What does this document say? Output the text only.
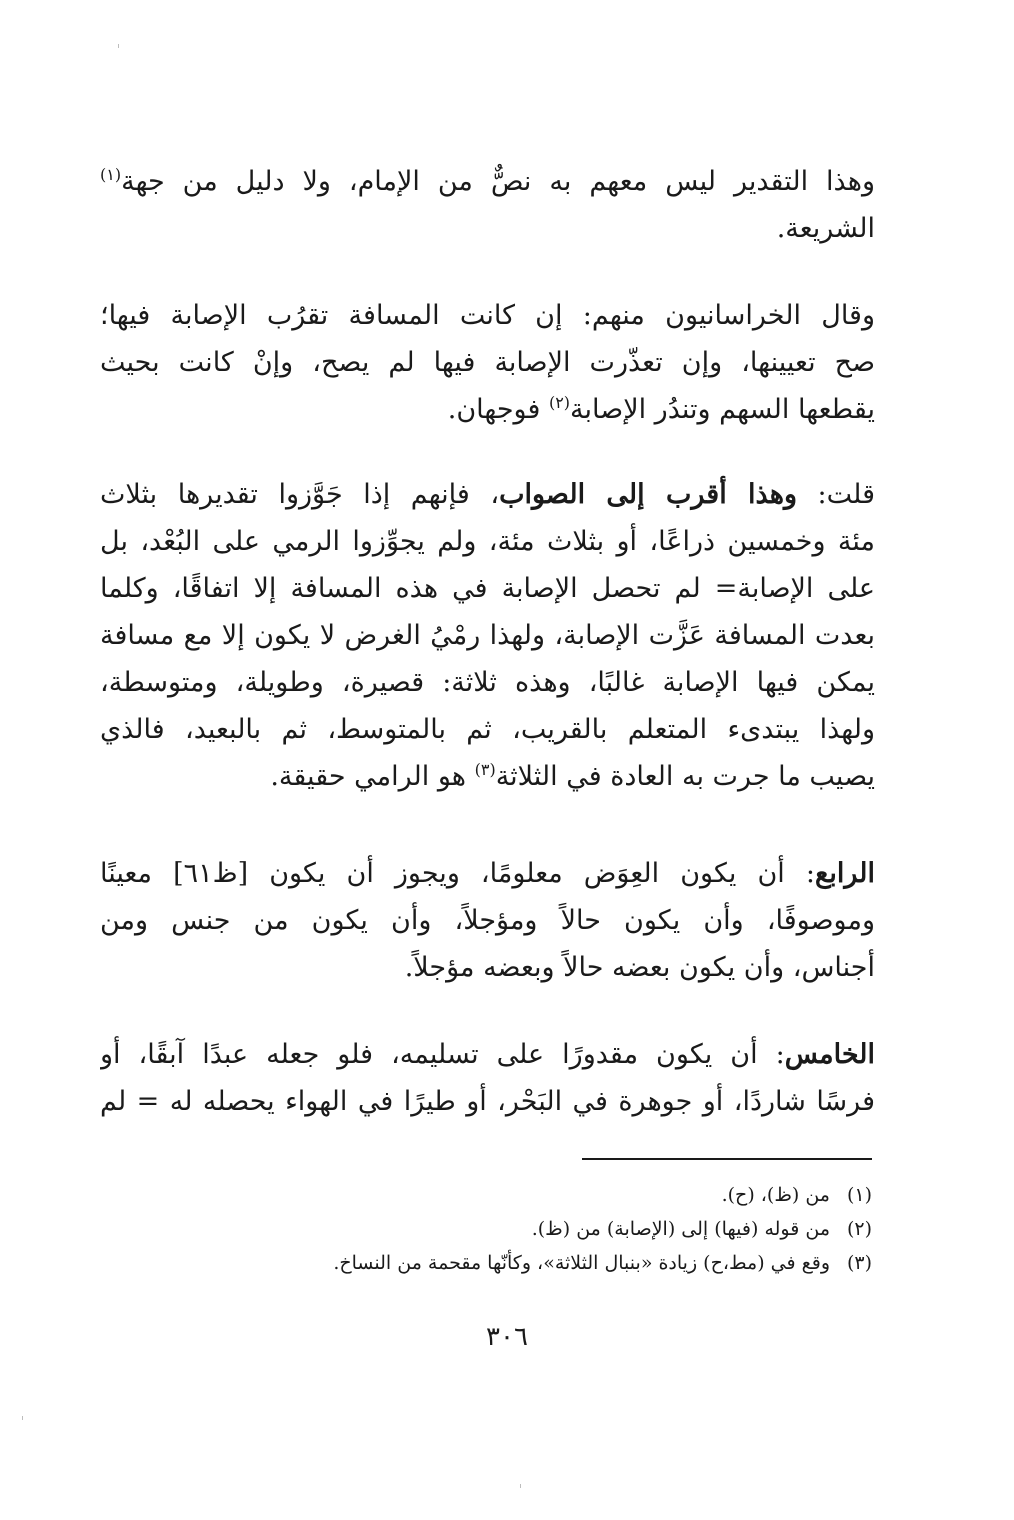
وهذا التقدير ليس معهم به نصٌّ من الإمام، ولا دليل من جهة$^{(١)}$
الشريعة.
وقال الخراسانيون منهم: إن كانت المسافة تقرُب الإصابة فيها؛
صح تعيينها، وإن تعذّرت الإصابة فيها لم يصح، وإنْ كانت بحيث
يقطعها السهم وتندُر الإصابة$^{(٢)}$ فوجهان.
قلت: وهذا أقرب إلى الصواب، فإنهم إذا جَوَّزوا تقديرها بثلاث
مئة وخمسين ذراعًا، أو بثلاث مئة، ولم يجوِّزوا الرمي على البُعْد، بل
على الإصابة= لم تحصل الإصابة في هذه المسافة إلا اتفاقًا، وكلما
بعدت المسافة عَزَّت الإصابة، ولهذا رمْيُ الغرض لا يكون إلا مع مسافة
يمكن فيها الإصابة غالبًا، وهذه ثلاثة: قصيرة، وطويلة، ومتوسطة،
ولهذا يبتدىء المتعلم بالقريب، ثم بالمتوسط، ثم بالبعيد، فالذي
يصيب ما جرت به العادة في الثلاثة$^{(٣)}$ هو الرامي حقيقة.
الرابع: أن يكون العِوَض معلومًا، ويجوز أن يكون [ظ٦١] معينًا
وموصوفًا، وأن يكون حالاً ومؤجلاً، وأن يكون من جنس ومن
أجناس، وأن يكون بعضه حالاً وبعضه مؤجلاً.
الخامس: أن يكون مقدورًا على تسليمه، فلو جعله عبدًا آبقًا، أو
فرسًا شاردًا، أو جوهرة في البَحْر، أو طيرًا في الهواء يحصله له = لم
(١)من (ظ)، (ح).
(٢)من قوله (فيها) إلى (الإصابة) من (ظ).
(٣)وقع في (مط،ح) زيادة «بنبال الثلاثة»، وكأنّها مقحمة من النساخ.
٣٠٦
